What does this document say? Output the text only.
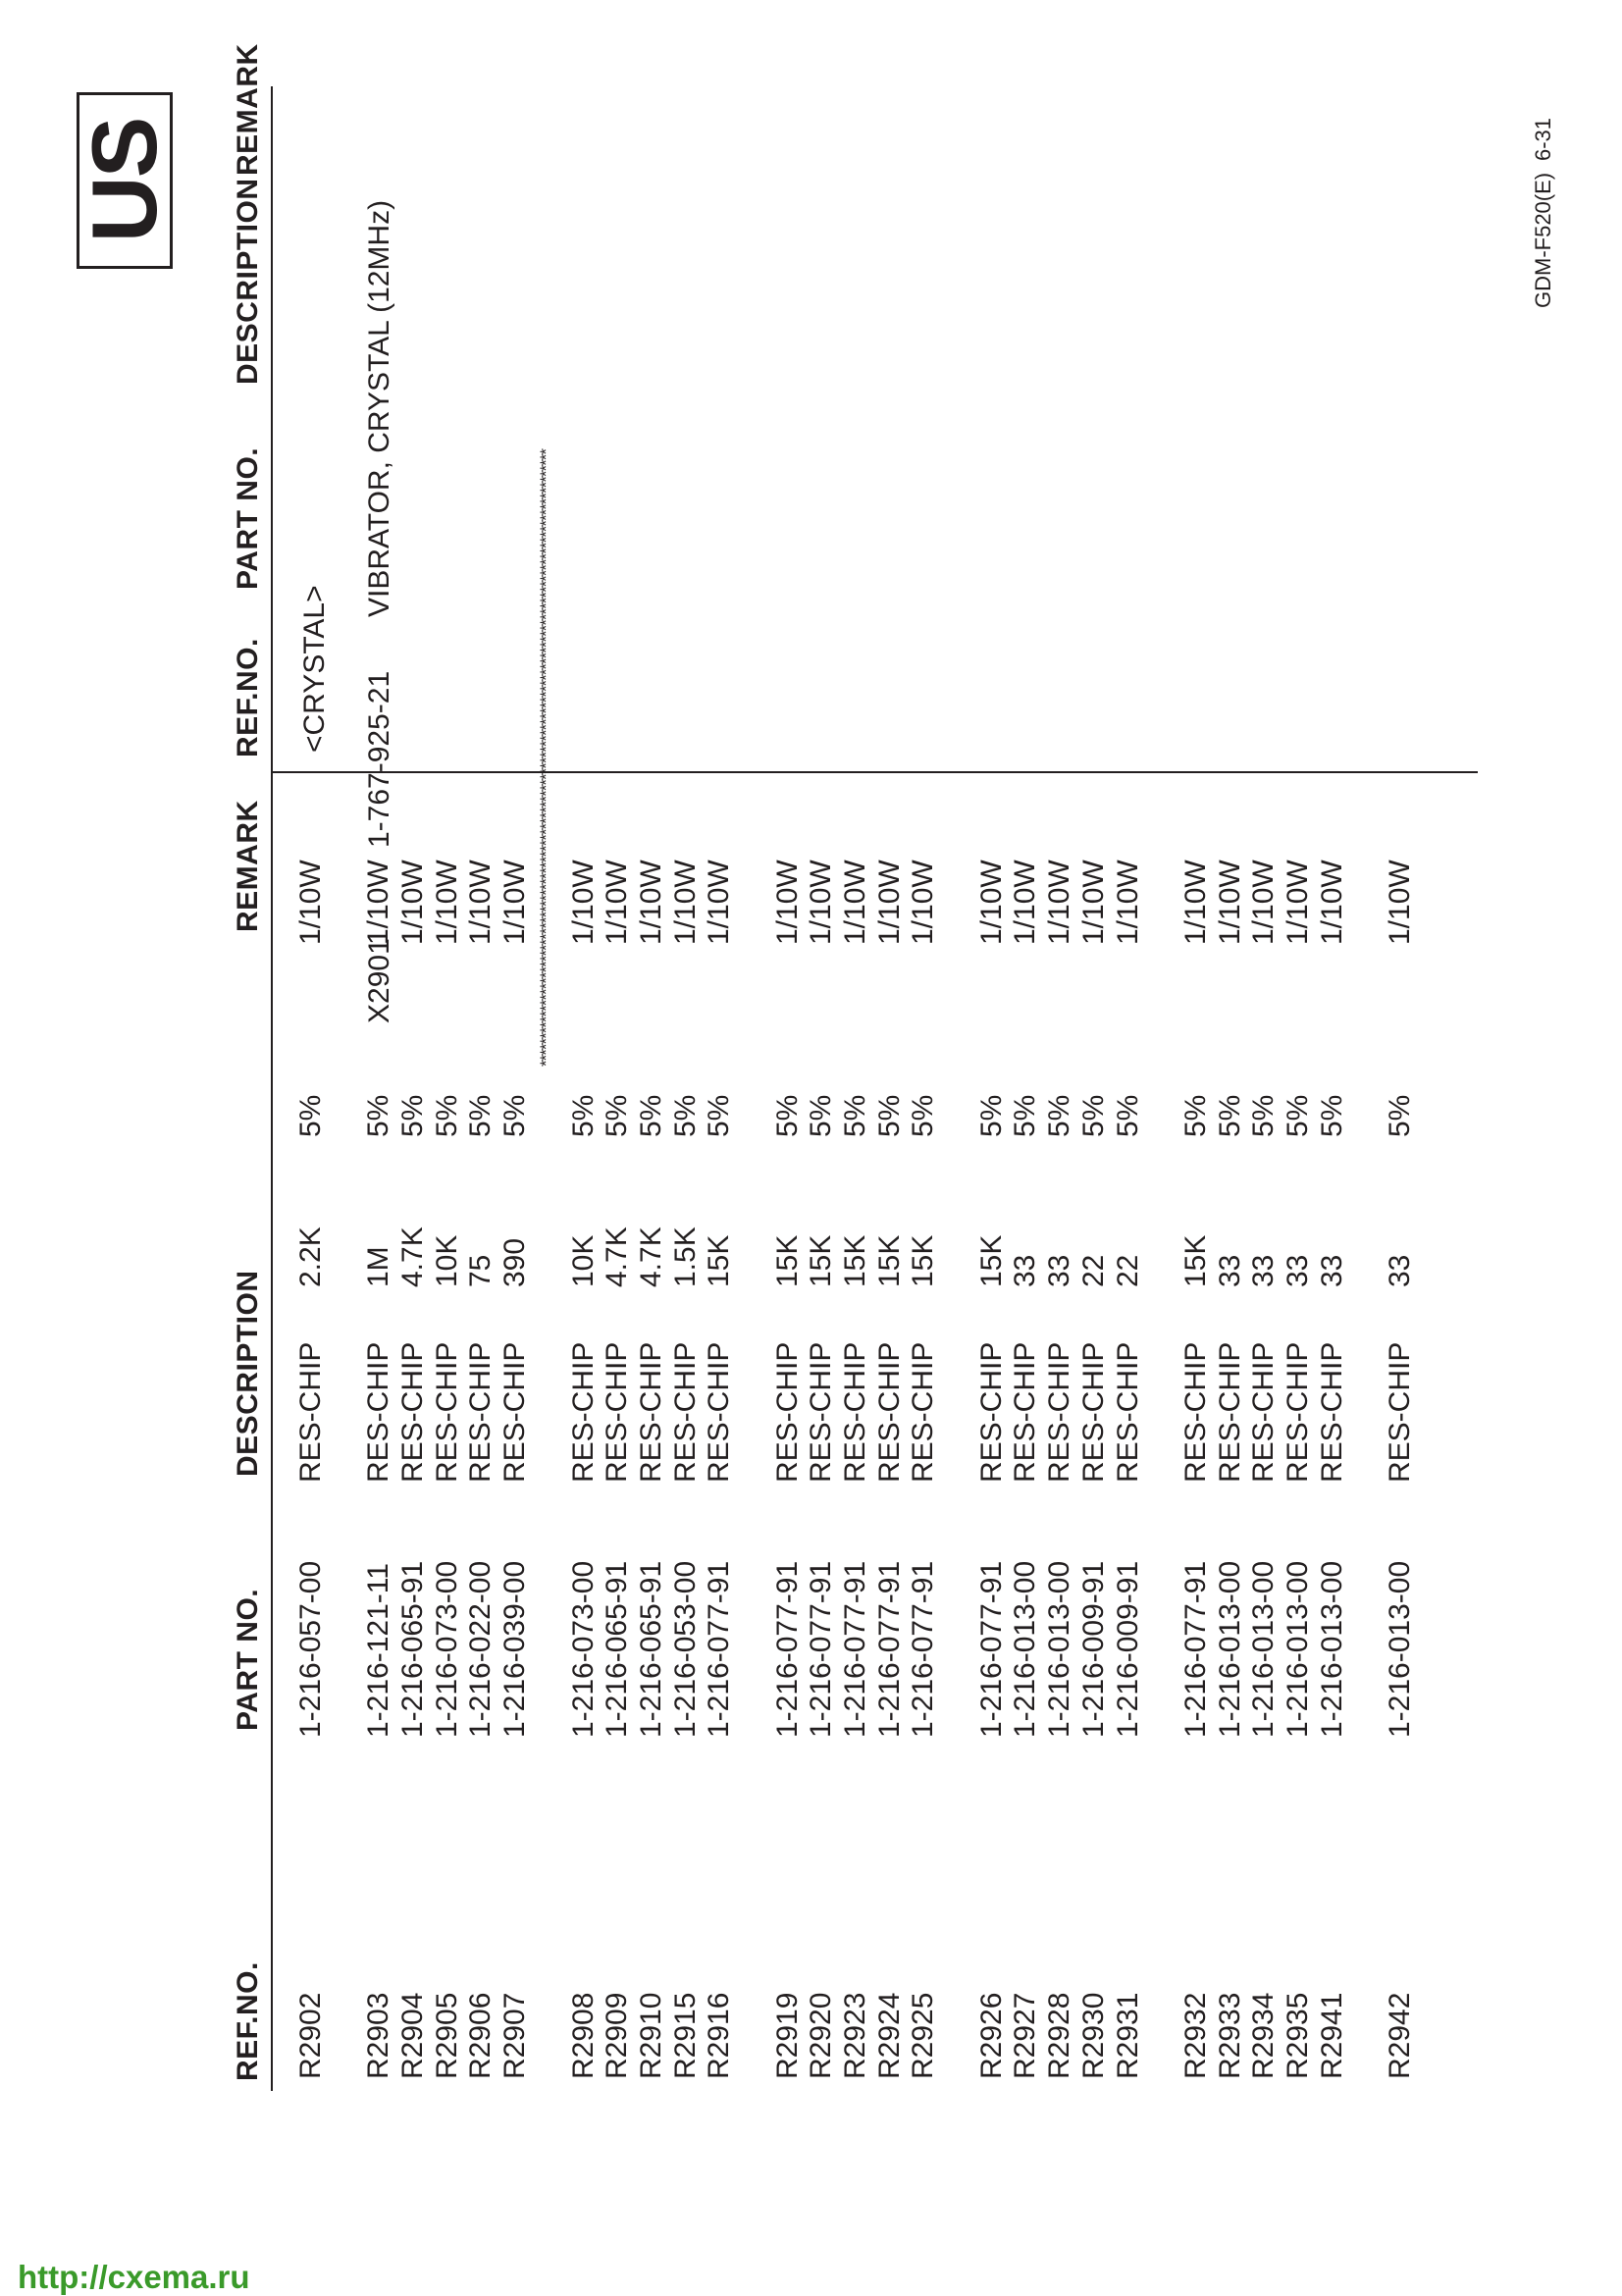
REF.NO.
PART NO.
DESCRIPTION
REMARK
R2902 R2903 R2904 R2905 R2906 R2907 R2908 R2909 R2910 R2915 R2916 R2919 R2920 R2923 R2924 R2925 R2926 R2927 R2928 R2930 R2931 R2932 R2933 R2934 R2935 R2941 R2942
1-216-057-00 1-216-121-11 1-216-065-91 1-216-073-00 1-216-022-00 1-216-039-00 1-216-073-00 1-216-065-91 1-216-065-91 1-216-053-00 1-216-077-91 1-216-077-91 1-216-077-91 1-216-077-91 1-216-077-91 1-216-077-91 1-216-077-91 1-216-013-00 1-216-013-00 1-216-009-91 1-216-009-91 1-216-077-91 1-216-013-00 1-216-013-00 1-216-013-00 1-216-013-00 1-216-013-00
RES-CHIP RES-CHIP RES-CHIP RES-CHIP RES-CHIP RES-CHIP RES-CHIP RES-CHIP RES-CHIP RES-CHIP RES-CHIP RES-CHIP RES-CHIP RES-CHIP RES-CHIP RES-CHIP RES-CHIP RES-CHIP RES-CHIP RES-CHIP RES-CHIP RES-CHIP RES-CHIP RES-CHIP RES-CHIP RES-CHIP RES-CHIP
2.2K 1M 4.7K 10K 75 390 10K 4.7K 4.7K 1.5K 15K 15K 15K 15K 15K 15K 15K 33 33 22 22 15K 33 33 33 33 33
5% 5% 5% 5% 5% 5% 5% 5% 5% 5% 5% 5% 5% 5% 5% 5% 5% 5% 5% 5% 5% 5% 5% 5% 5% 5% 5%
1/10W 1/10W 1/10W 1/10W 1/10W 1/10W 1/10W 1/10W 1/10W 1/10W 1/10W 1/10W 1/10W 1/10W 1/10W 1/10W 1/10W 1/10W 1/10W 1/10W 1/10W 1/10W 1/10W 1/10W 1/10W 1/10W 1/10W
REF.NO.
PART NO.
DESCRIPTION
REMARK
<CRYSTAL>
X2901
1-767-925-21
VIBRATOR, CRYSTAL (12MHz)
****************************************************************************************************************
US	GDM-F520(E)
6-31
http://cxema.ru
